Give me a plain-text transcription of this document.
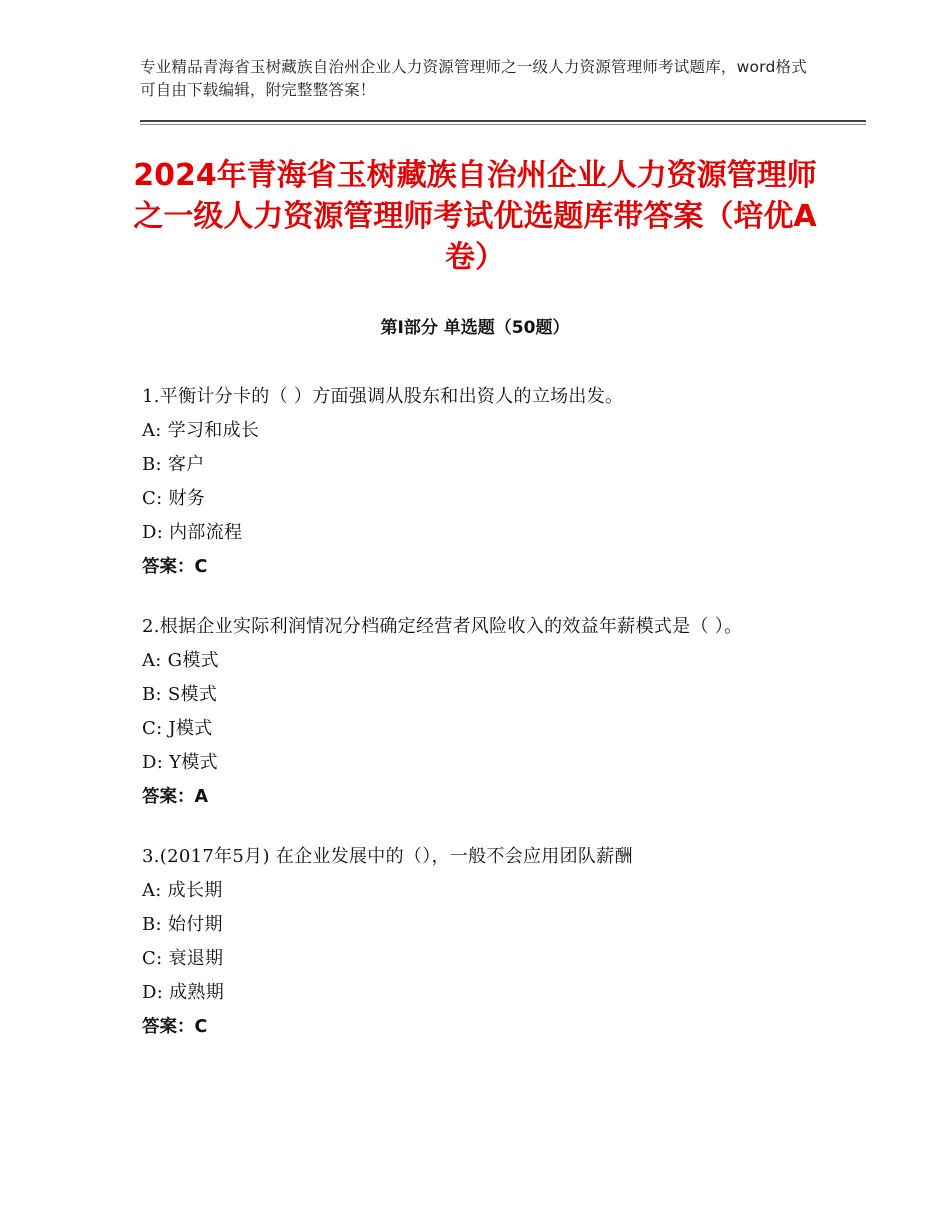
专业精品青海省玉树藏族自治州企业人力资源管理师之一级人力资源管理师考试题库，word格式可自由下载编辑，附完整整答案！
2024年青海省玉树藏族自治州企业人力资源管理师之一级人力资源管理师考试优选题库带答案（培优A卷）
第Ⅰ部分 单选题（50题）
1.平衡计分卡的（ ）方面强调从股东和出资人的立场出发。
A: 学习和成长
B: 客户
C: 财务
D: 内部流程
答案：C
2.根据企业实际利润情况分档确定经营者风险收入的效益年薪模式是（ ）。
A: G模式
B: S模式
C: J模式
D: Y模式
答案：A
3.(2017年5月) 在企业发展中的（），一般不会应用团队薪酬
A: 成长期
B: 始付期
C: 衰退期
D: 成熟期
答案：C
